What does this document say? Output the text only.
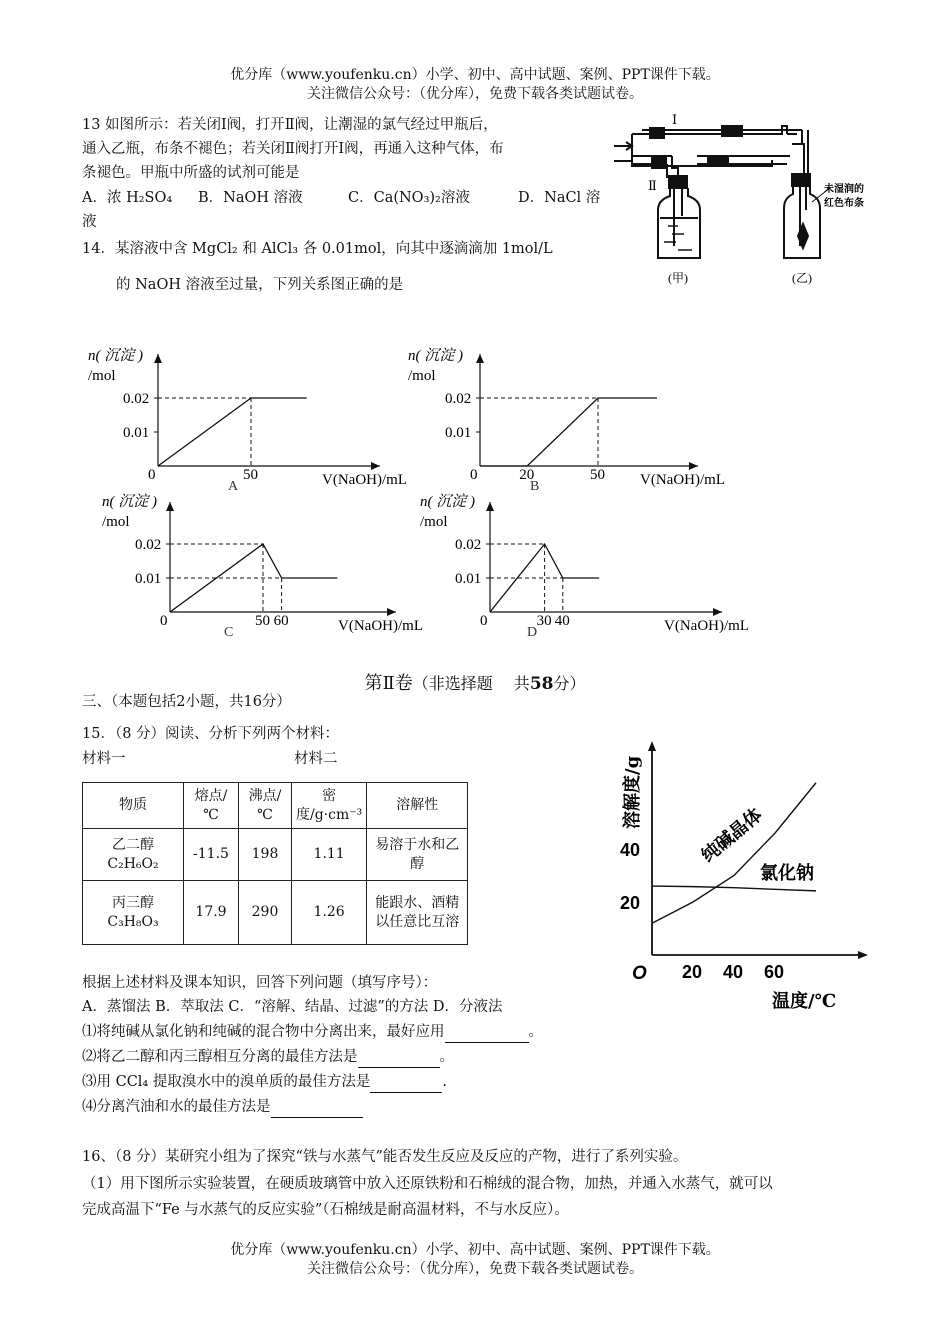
优分库（www.youfenku.cn）小学、初中、高中试题、案例、PPT课件下载。
关注微信公众号：（优分库），免费下载各类试题试卷。
13 如图所示：若关闭Ⅰ阀，打开Ⅱ阀，让潮湿的氯气经过甲瓶后，
通入乙瓶，布条不褪色；若关闭Ⅱ阀打开Ⅰ阀，再通入这种气体，布
条褪色。甲瓶中所盛的试剂可能是
A．浓 H₂SO₄ B．NaOH 溶液	C．Ca(NO₃)₂溶液	D．NaCl 溶
液
Ⅰ
Ⅱ
(甲)	(乙)
未湿润的
红色布条
14．某溶液中含 MgCl₂ 和 AlCl₃ 各 0.01mol，向其中逐滴滴加 1mol/L
的 NaOH 溶液至过量，下列关系图正确的是
n( 沉淀 )
/mol
0.02
0.01
0	V(NaOH)/mL
50
A
n( 沉淀 )
/mol
0.02
0.01
0	V(NaOH)/mL
20	50
B
n( 沉淀 )
/mol
0.02
0.01
0	V(NaOH)/mL
50 60
C
n( 沉淀 )
/mol
0.02
0.01
0	V(NaOH)/mL
30 40
D
第Ⅱ卷（非选择题　 共58分）
三、（本题包括2小题，共16分）
15．（8 分）阅读、分析下列两个材料：
材料一	材料二
物质	熔点/℃	沸点/℃	密度/g·cm⁻³	溶解性

乙二醇
C₂H₆O₂	-11.5	198	1.11	易溶于水和乙醇

丙三醇
C₃H₈O₃	17.9	290	1.26	能跟水、酒精以任意比互溶
溶解度/g
40
20
20 40 60
O
温度/℃
纯碱晶体
氯化钠
根据上述材料及课本知识，回答下列问题（填写序号）：
A．蒸馏法 B．萃取法 C．“溶解、结晶、过滤”的方法 D．分液法
⑴将纯碱从氯化钠和纯碱的混合物中分离出来，最好应用	。
⑵将乙二醇和丙三醇相互分离的最佳方法是	。
⑶用 CCl₄ 提取溴水中的溴单质的最佳方法是	.
⑷分离汽油和水的最佳方法是
16、（8 分）某研究小组为了探究“铁与水蒸气”能否发生反应及反应的产物，进行了系列实验。
（1）用下图所示实验装置，在硬质玻璃管中放入还原铁粉和石棉绒的混合物，加热，并通入水蒸气，就可以
完成高温下“Fe 与水蒸气的反应实验”（石棉绒是耐高温材料，不与水反应）。
优分库（www.youfenku.cn）小学、初中、高中试题、案例、PPT课件下载。
关注微信公众号：（优分库），免费下载各类试题试卷。
